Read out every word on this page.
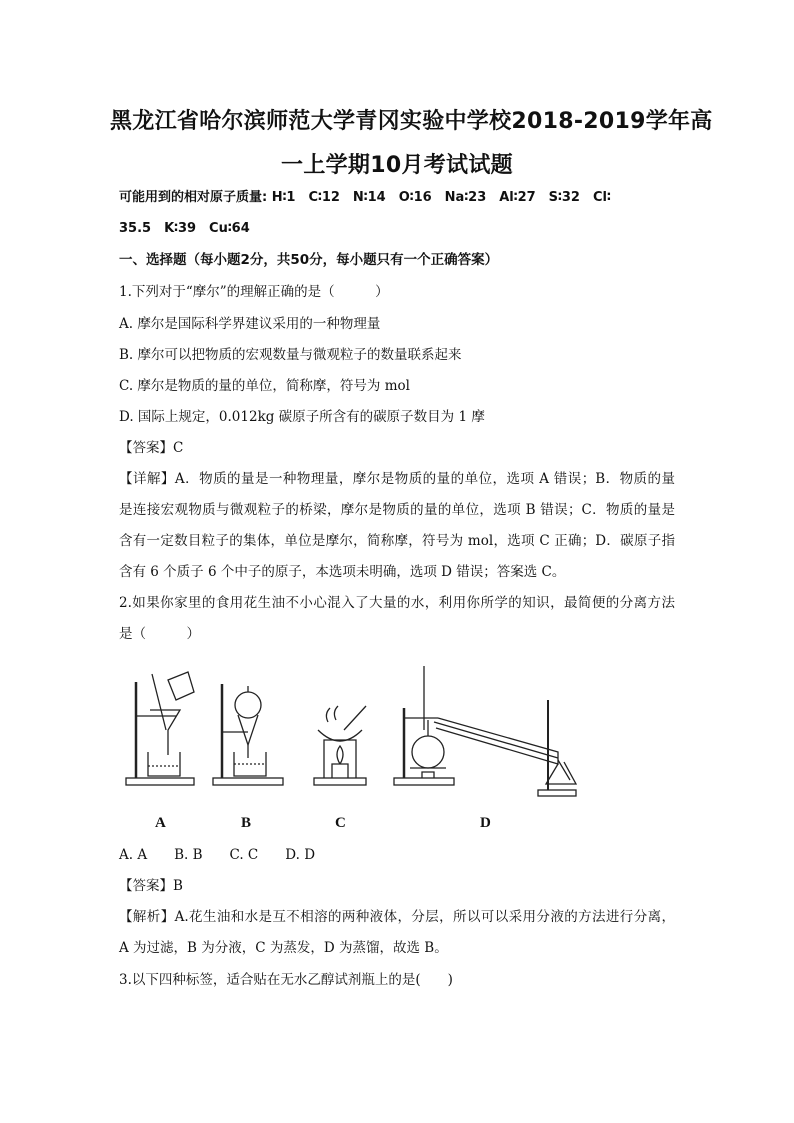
黑龙江省哈尔滨师范大学青冈实验中学校2018-2019学年高
一上学期10月考试试题
可能用到的相对原子质量: H∶1　C∶12　N∶14　O∶16　Na∶23　Al∶27　S∶32　Cl∶
35.5　K∶39　Cu∶64
一、选择题（每小题2分，共50分，每小题只有一个正确答案）
1.下列对于“摩尔”的理解正确的是（　　　）
A. 摩尔是国际科学界建议采用的一种物理量
B. 摩尔可以把物质的宏观数量与微观粒子的数量联系起来
C. 摩尔是物质的量的单位，简称摩，符号为 mol
D. 国际上规定，0.012kg 碳原子所含有的碳原子数目为 1 摩
【答案】C
【详解】A．物质的量是一种物理量，摩尔是物质的量的单位，选项 A 错误；B．物质的量
是连接宏观物质与微观粒子的桥梁，摩尔是物质的量的单位，选项 B 错误；C．物质的量是
含有一定数目粒子的集体，单位是摩尔，简称摩，符号为 mol，选项 C 正确；D．碳原子指
含有 6 个质子 6 个中子的原子，本选项未明确，选项 D 错误；答案选 C。
2.如果你家里的食用花生油不小心混入了大量的水，利用你所学的知识，最简便的分离方法
是（　　　）
A	B	C	D
A. A　　B. B　　C. C　　D. D
【答案】B
【解析】A.花生油和水是互不相溶的两种液体，分层，所以可以采用分液的方法进行分离，
A 为过滤，B 为分液，C 为蒸发，D 为蒸馏，故选 B。
3.以下四种标签，适合贴在无水乙醇试剂瓶上的是(　　)
